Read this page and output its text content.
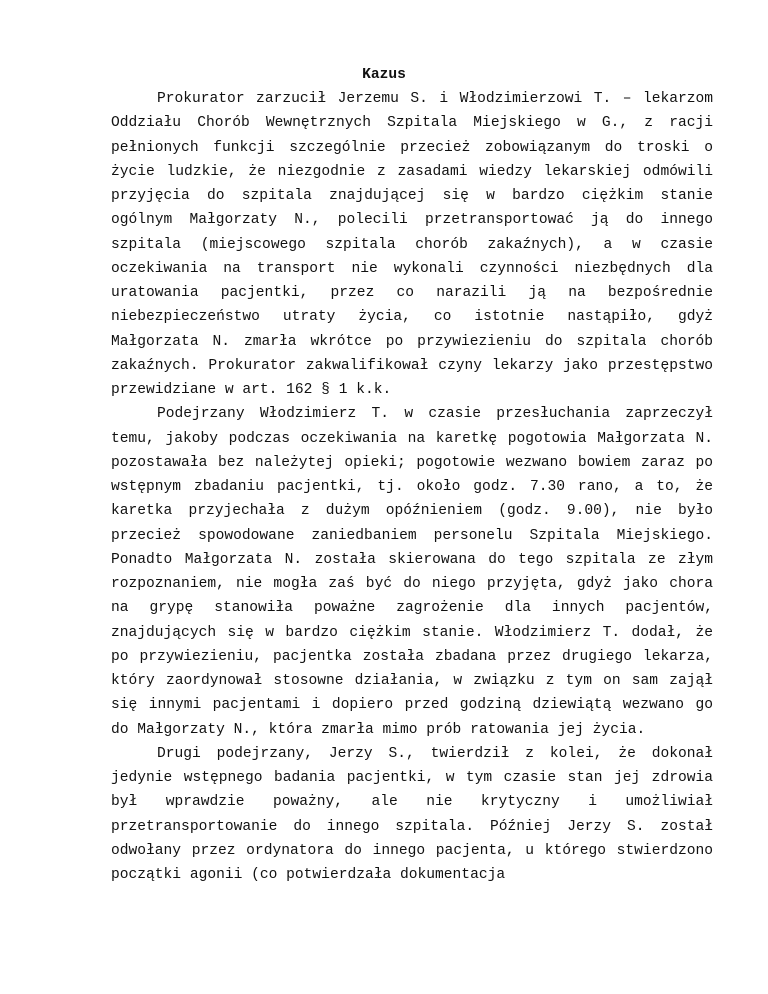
Kazus

Prokurator zarzucił Jerzemu S. i Włodzimierzowi T. – lekarzom Oddziału Chorób Wewnętrznych Szpitala Miejskiego w G., z racji pełnionych funkcji szczególnie przecież zobowiązanym do troski o życie ludzkie, że niezgodnie z zasadami wiedzy lekarskiej odmówili przyjęcia do szpitala znajdującej się w bardzo ciężkim stanie ogólnym Małgorzaty N., polecili przetransportować ją do innego szpitala (miejscowego szpitala chorób zakaźnych), a w czasie oczekiwania na transport nie wykonali czynności niezbędnych dla uratowania pacjentki, przez co narazili ją na bezpośrednie niebezpieczeństwo utraty życia, co istotnie nastąpiło, gdyż Małgorzata N. zmarła wkrótce po przywiezieniu do szpitala chorób zakaźnych. Prokurator zakwalifikował czyny lekarzy jako przestępstwo przewidziane w art. 162 § 1 k.k.

Podejrzany Włodzimierz T. w czasie przesłuchania zaprzeczył temu, jakoby podczas oczekiwania na karetkę pogotowia Małgorzata N. pozostawała bez należytej opieki; pogotowie wezwano bowiem zaraz po wstępnym zbadaniu pacjentki, tj. około godz. 7.30 rano, a to, że karetka przyjechała z dużym opóźnieniem (godz. 9.00), nie było przecież spowodowane zaniedbaniem personelu Szpitala Miejskiego. Ponadto Małgorzata N. została skierowana do tego szpitala ze złym rozpoznaniem, nie mogła zaś być do niego przyjęta, gdyż jako chora na grypę stanowiła poważne zagrożenie dla innych pacjentów, znajdujących się w bardzo ciężkim stanie. Włodzimierz T. dodał, że po przywiezieniu, pacjentka została zbadana przez drugiego lekarza, który zaordynował stosowne działania, w związku z tym on sam zajął się innymi pacjentami i dopiero przed godziną dziewiątą wezwano go do Małgorzaty N., która zmarła mimo prób ratowania jej życia.

Drugi podejrzany, Jerzy S., twierdził z kolei, że dokonał jedynie wstępnego badania pacjentki, w tym czasie stan jej zdrowia był wprawdzie poważny, ale nie krytyczny i umożliwiał przetransportowanie do innego szpitala. Później Jerzy S. został odwołany przez ordynatora do innego pacjenta, u którego stwierdzono początki agonii (co potwierdzała dokumentacja
